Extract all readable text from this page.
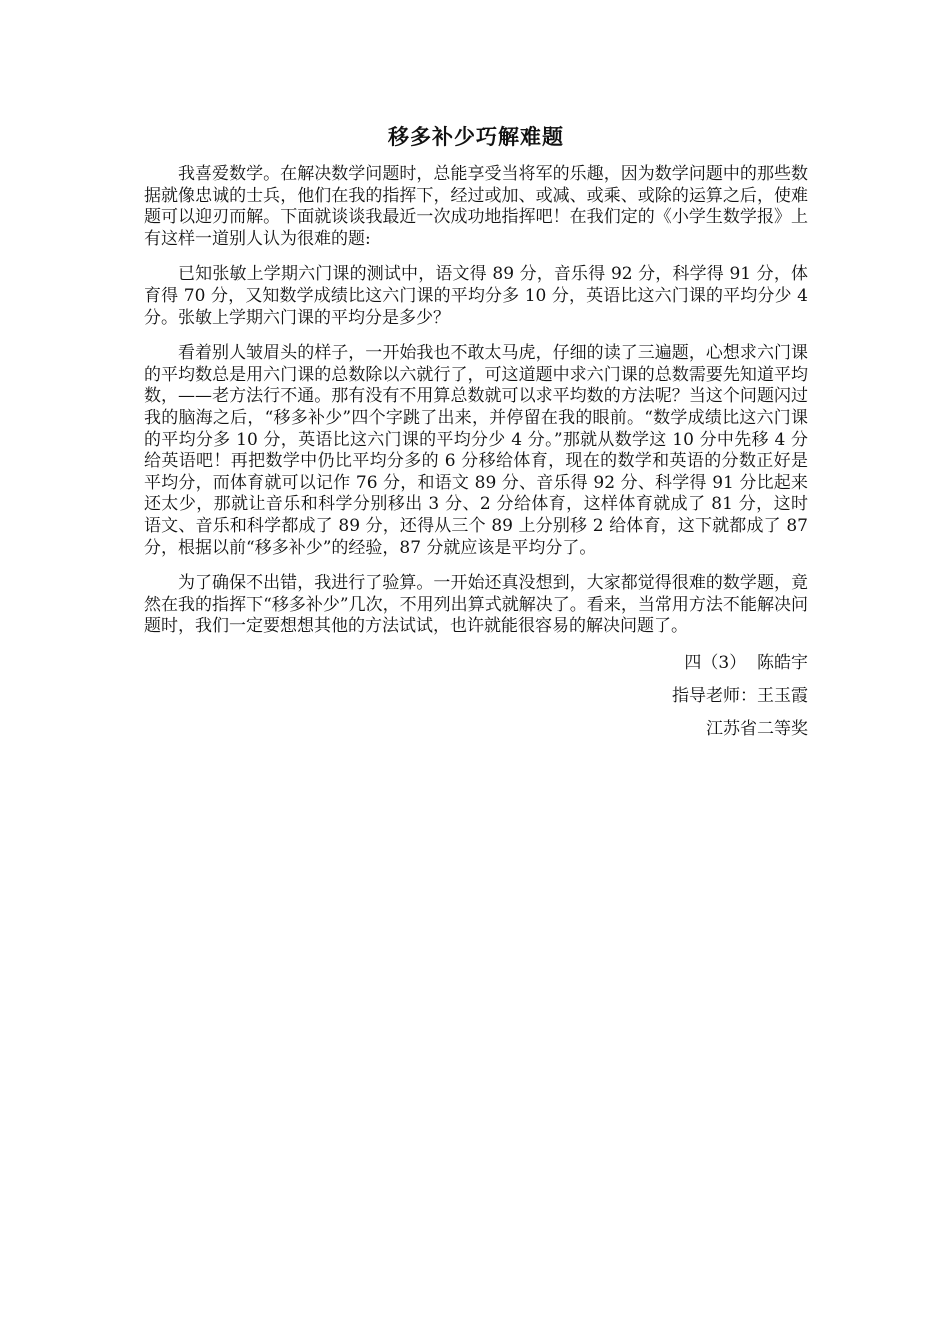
移多补少巧解难题

我喜爱数学。在解决数学问题时，总能享受当将军的乐趣，因为数学问题中的那些数据就像忠诚的士兵，他们在我的指挥下，经过或加、或减、或乘、或除的运算之后，使难题可以迎刃而解。下面就谈谈我最近一次成功地指挥吧！在我们定的《小学生数学报》上有这样一道别人认为很难的题:

已知张敏上学期六门课的测试中，语文得 89 分，音乐得 92 分，科学得 91 分，体育得 70 分，又知数学成绩比这六门课的平均分多 10 分，英语比这六门课的平均分少 4 分。张敏上学期六门课的平均分是多少？

看着别人皱眉头的样子，一开始我也不敢太马虎，仔细的读了三遍题，心想求六门课的平均数总是用六门课的总数除以六就行了，可这道题中求六门课的总数需要先知道平均数，——老方法行不通。那有没有不用算总数就可以求平均数的方法呢？当这个问题闪过我的脑海之后，“移多补少”四个字跳了出来，并停留在我的眼前。“数学成绩比这六门课的平均分多 10 分，英语比这六门课的平均分少 4 分。”那就从数学这 10 分中先移 4 分给英语吧！再把数学中仍比平均分多的 6 分移给体育，现在的数学和英语的分数正好是平均分，而体育就可以记作 76 分，和语文 89 分、音乐得 92 分、科学得 91 分比起来还太少，那就让音乐和科学分别移出 3 分、2 分给体育，这样体育就成了 81 分，这时语文、音乐和科学都成了 89 分，还得从三个 89 上分别移 2 给体育，这下就都成了 87 分，根据以前“移多补少”的经验，87 分就应该是平均分了。

为了确保不出错，我进行了验算。一开始还真没想到，大家都觉得很难的数学题，竟然在我的指挥下“移多补少”几次，不用列出算式就解决了。看来，当常用方法不能解决问题时，我们一定要想想其他的方法试试，也许就能很容易的解决问题了。

四（3）  陈皓宇
指导老师：王玉霞
江苏省二等奖
